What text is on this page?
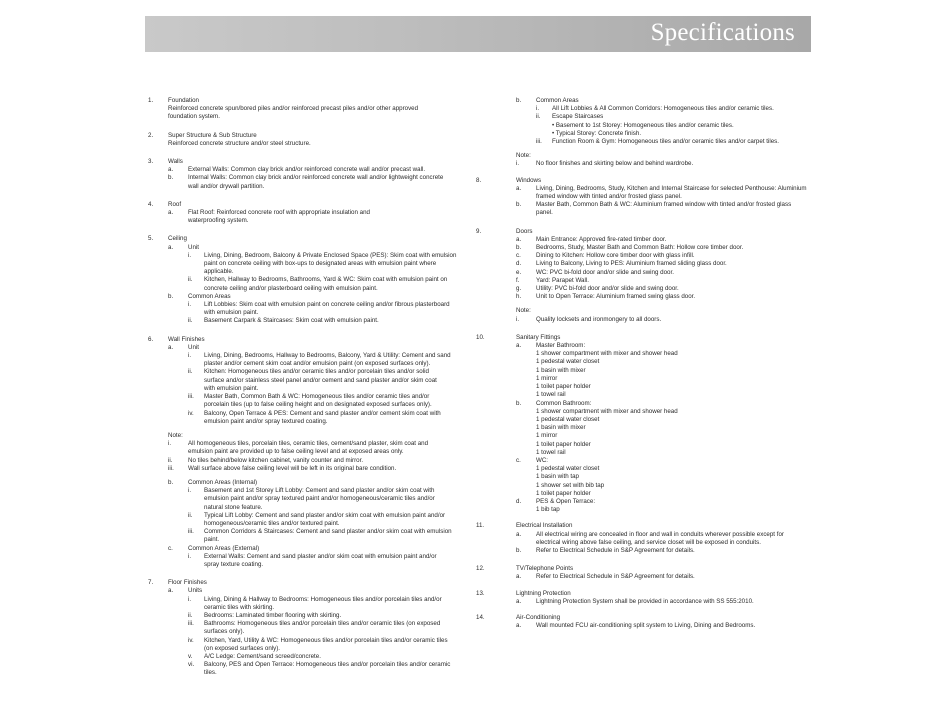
Specifications
1. Foundation

Reinforced concrete spun/bored piles and/or reinforced precast piles and/or other approved

foundation system.

2. Super Structure & Sub Structure

Reinforced concrete structure and/or steel structure.

3. Walls

a. External Walls: Common clay brick and/or reinforced concrete wall and/or precast wall.

b. Internal Walls: Common clay brick and/or reinforced concrete wall and/or lightweight concrete

wall and/or drywall partition.

4. Roof

a. Flat Roof: Reinforced concrete roof with appropriate insulation and

waterproofing system.

5. Ceiling

a. Unit

i. Living, Dining, Bedroom, Balcony & Private Enclosed Space (PES): Skim coat with emulsion

paint on concrete ceiling with box-ups to designated areas with emulsion paint where

applicable.

ii. Kitchen, Hallway to Bedrooms, Bathrooms, Yard & WC: Skim coat with emulsion paint on

concrete ceiling and/or plasterboard ceiling with emulsion paint.

b. Common Areas

i. Lift Lobbies: Skim coat with emulsion paint on concrete ceiling and/or fibrous plasterboard

with emulsion paint.

ii. Basement Carpark & Staircases: Skim coat with emulsion paint.

6. Wall Finishes

a. Unit

i. Living, Dining, Bedrooms, Hallway to Bedrooms, Balcony, Yard & Utility: Cement and sand

plaster and/or cement skim coat and/or emulsion paint (on exposed surfaces only).

ii. Kitchen: Homogeneous tiles and/or ceramic tiles and/or porcelain tiles and/or solid

surface and/or stainless steel panel and/or cement and sand plaster and/or skim coat

with emulsion paint.

iii. Master Bath, Common Bath & WC: Homogeneous tiles and/or ceramic tiles and/or

porcelain tiles (up to false ceiling height and on designated exposed surfaces only).

iv. Balcony, Open Terrace & PES: Cement and sand plaster and/or cement skim coat with

emulsion paint and/or spray textured coating.

Note:

i.	All homogeneous tiles, porcelain tiles, ceramic tiles, cement/sand plaster, skim coat and

emulsion paint are provided up to false ceiling level and at exposed areas only.

ii.	No tiles behind/below kitchen cabinet, vanity counter and mirror.

iii. Wall surface above false ceiling level will be left in its original bare condition.

b. Common Areas (Internal)

i. Basement and 1st Storey Lift Lobby: Cement and sand plaster and/or skim coat with

emulsion paint and/or spray textured paint and/or homogeneous/ceramic tiles and/or

natural stone feature.

ii. Typical Lift Lobby: Cement and sand plaster and/or skim coat with emulsion paint and/or

homogeneous/ceramic tiles and/or textured paint.

iii. Common Corridors & Staircases: Cement and sand plaster and/or skim coat with emulsion

paint.

c. Common Areas (External)

i. External Walls: Cement and sand plaster and/or skim coat with emulsion paint and/or

spray texture coating.

7. Floor Finishes

a. Units

i. Living, Dining & Hallway to Bedrooms: Homogeneous tiles and/or porcelain tiles and/or

ceramic tiles with skirting.

ii. Bedrooms: Laminated timber flooring with skirting.

iii. Bathrooms: Homogeneous tiles and/or porcelain tiles and/or ceramic tiles (on exposed

surfaces only).

iv. Kitchen, Yard, Utility & WC: Homogeneous tiles and/or porcelain tiles and/or ceramic tiles

(on exposed surfaces only).

v. A/C Ledge: Cement/sand screed/concrete.

vi. Balcony, PES and Open Terrace: Homogeneous tiles and/or porcelain tiles and/or ceramic

tiles.

b. Common Areas

i. All Lift Lobbies & All Common Corridors: Homogeneous tiles and/or ceramic tiles.

ii. Escape Staircases

• Basement to 1st Storey: Homogeneous tiles and/or ceramic tiles.

• Typical Storey: Concrete finish.

iii. Function Room & Gym: Homogeneous tiles and/or ceramic tiles and/or carpet tiles.

Note:

i.	No floor finishes and skirting below and behind wardrobe.

8.	Windows

a. Living, Dining, Bedrooms, Study, Kitchen and Internal Staircase for selected Penthouse: Aluminium

framed window with tinted and/or frosted glass panel.

b. Master Bath, Common Bath & WC: Aluminium framed window with tinted and/or frosted glass

panel.

9.	Doors

a. Main Entrance: Approved fire-rated timber door.

b. Bedrooms, Study, Master Bath and Common Bath: Hollow core timber door.

c. Dining to Kitchen: Hollow core timber door with glass infill.

d. Living to Balcony, Living to PES: Aluminium framed sliding glass door.

e. WC: PVC bi-fold door and/or slide and swing door.

f.	Yard: Parapet Wall.

g. Utility: PVC bi-fold door and/or slide and swing door.

h. Unit to Open Terrace: Aluminium framed swing glass door.

Note:

i.	Quality locksets and ironmongery to all doors.

10.	Sanitary Fittings

a. Master Bathroom:

1 shower compartment with mixer and shower head

1 pedestal water closet

1 basin with mixer

1 mirror

1 toilet paper holder

1 towel rail

b. Common Bathroom:

1 shower compartment with mixer and shower head

1 pedestal water closet

1 basin with mixer

1 mirror

1 toilet paper holder

1 towel rail

c. WC:

1 pedestal water closet

1 basin with tap

1 shower set with bib tap

1 toilet paper holder

d. PES & Open Terrace:

1 bib tap

11.	Electrical Installation

a. All electrical wiring are concealed in floor and wall in conduits wherever possible except for

electrical wiring above false ceiling, and service closet will be exposed in conduits.

b. Refer to Electrical Schedule in S&P Agreement for details.

12.	TV/Telephone Points

a. Refer to Electrical Schedule in S&P Agreement for details.

13.	Lightning Protection

a. Lightning Protection System shall be provided in accordance with SS 555:2010.

14.	Air-Conditioning

a. Wall mounted FCU air-conditioning split system to Living, Dining and Bedrooms.
